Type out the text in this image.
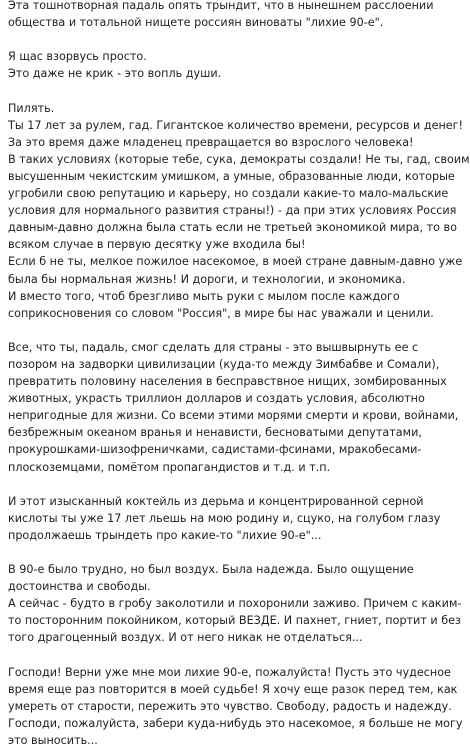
Эта тошнотворная падаль опять трындит, что в нынешнем расслоении
общества и тотальной нищете россиян виноваты "лихие 90-е".
Я щас взорвусь просто.
Это даже не крик - это вопль души.
Пилять.
Ты 17 лет за рулем, гад. Гигантское количество времени, ресурсов и денег!
За это время даже младенец превращается во взрослого человека!
В таких условиях (которые тебе, сука, демократы создали! Не ты, гад, своим
высушенным чекистским умишком, а умные, образованные люди, которые
угробили свою репутацию и карьеру, но создали какие-то мало-мальские
условия для нормального развития страны!) - да при этих условиях Россия
давным-давно должна была стать если не третьей экономикой мира, то во
всяком случае в первую десятку уже входила бы!
Если б не ты, мелкое пожилое насекомое, в моей стране давным-давно уже
была бы нормальная жизнь! И дороги, и технологии, и экономика.
И вместо того, чтоб брезгливо мыть руки с мылом после каждого
соприкосновения со словом "Россия", в мире бы нас уважали и ценили.
Все, что ты, падаль, смог сделать для страны - это вышвырнуть ее с
позором на задворки цивилизации (куда-то между Зимбабве и Сомали),
превратить половину населения в бесправствное нищих, зомбированных
животных, украсть триллион долларов и создать условия, абсолютно
непригодные для жизни. Со всеми этими морями смерти и крови, войнами,
безбрежным океаном вранья и ненависти, бесноватыми депутатами,
прокурошками-шизофреничками, садистами-фсинами, мракобесами-
плоскоземцами, помётом пропагандистов и т.д. и т.п.
И этот изысканный коктейль из дерьма и концентрированной серной
кислоты ты уже 17 лет льешь на мою родину и, сцуко, на голубом глазу
продолжаешь трындеть про какие-то "лихие 90-е"...
В 90-е было трудно, но был воздух. Была надежда. Было ощущение
достоинства и свободы.
А сейчас - будто в гробу заколотили и похоронили заживо. Причем с каким-
то посторонним покойником, который ВЕЗДЕ. И пахнет, гниет, портит и без
того драгоценный воздух. И от него никак не отделаться...
Господи! Верни уже мне мои лихие 90-е, пожалуйста! Пусть это чудесное
время еще раз повторится в моей судьбе! Я хочу еще разок перед тем, как
умереть от старости, пережить это чувство. Свободу, радость и надежду.
Господи, пожалуйста, забери куда-нибудь это насекомое, я больше не могу
это выносить...
